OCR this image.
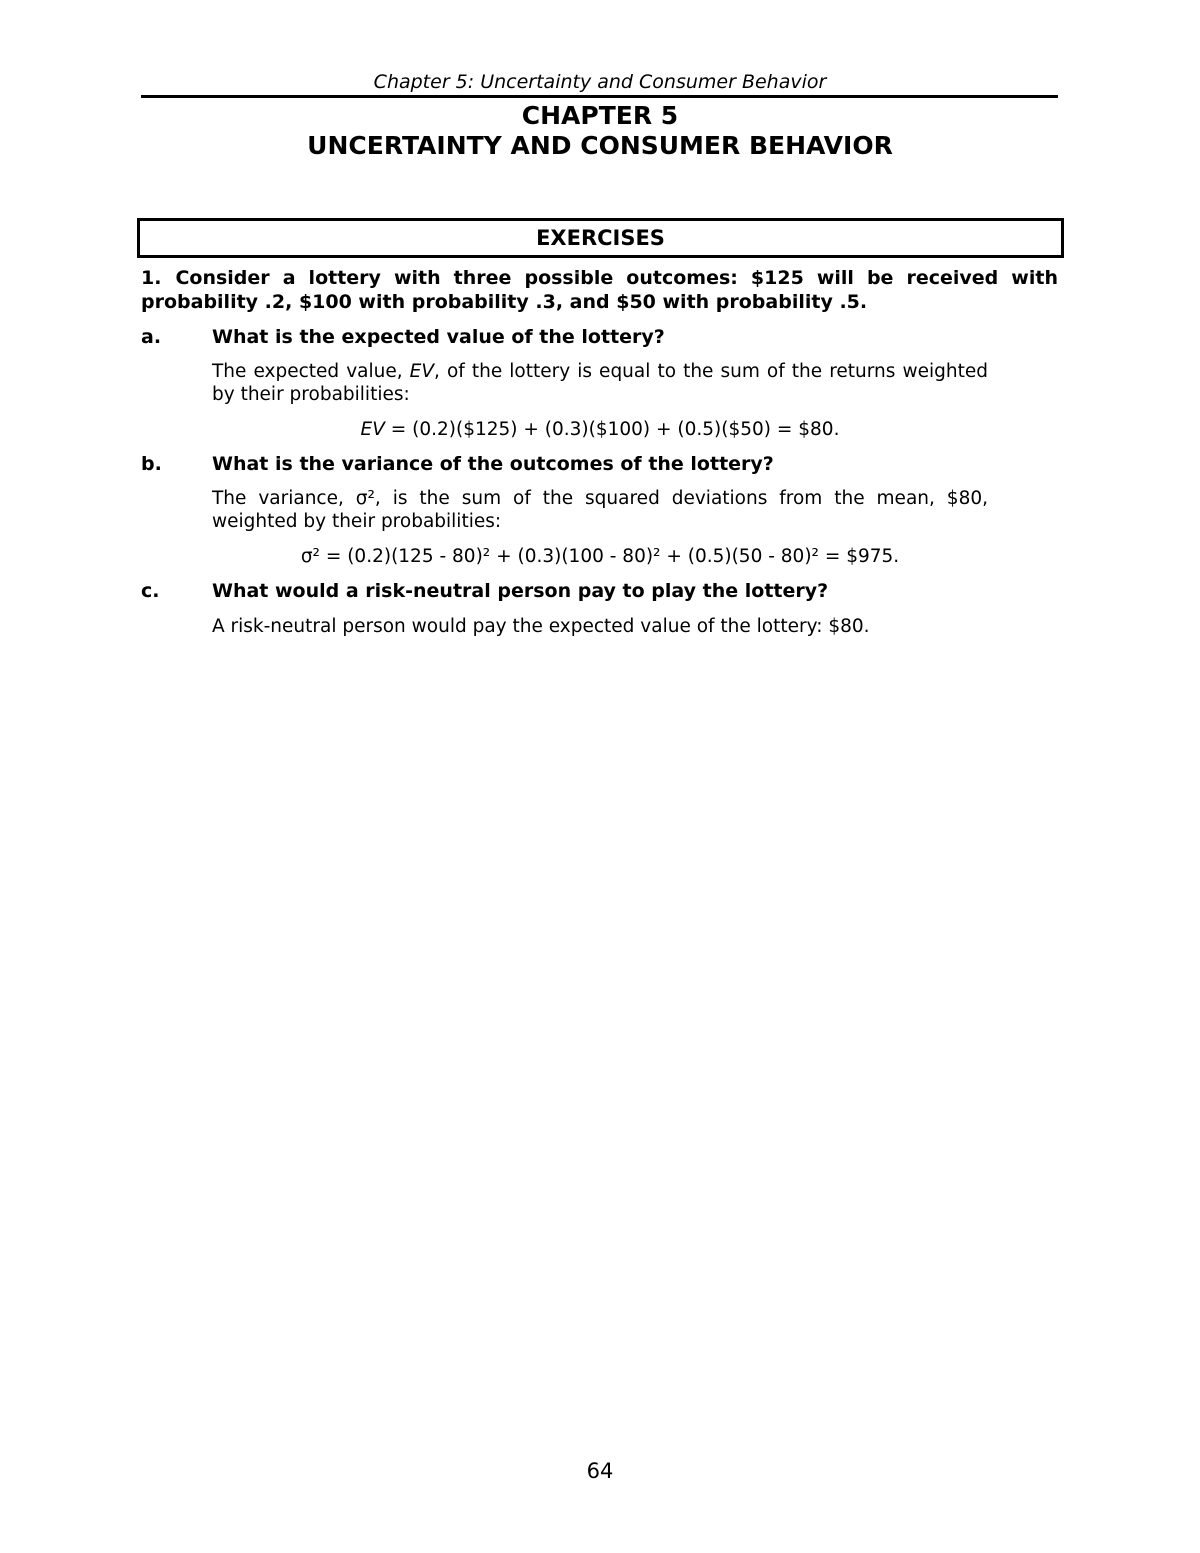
Chapter 5: Uncertainty and Consumer Behavior
CHAPTER 5
UNCERTAINTY AND CONSUMER BEHAVIOR
EXERCISES
1. Consider a lottery with three possible outcomes: $125 will be received with probability .2, $100 with probability .3, and $50 with probability .5.
a.	What is the expected value of the lottery?
The expected value, EV, of the lottery is equal to the sum of the returns weighted by their probabilities:
EV = (0.2)($125) + (0.3)($100) + (0.5)($50) = $80.
b.	What is the variance of the outcomes of the lottery?
The variance, σ², is the sum of the squared deviations from the mean, $80, weighted by their probabilities:
σ² = (0.2)(125 - 80)² + (0.3)(100 - 80)² + (0.5)(50 - 80)² = $975.
c.	What would a risk-neutral person pay to play the lottery?
A risk-neutral person would pay the expected value of the lottery: $80.
64
